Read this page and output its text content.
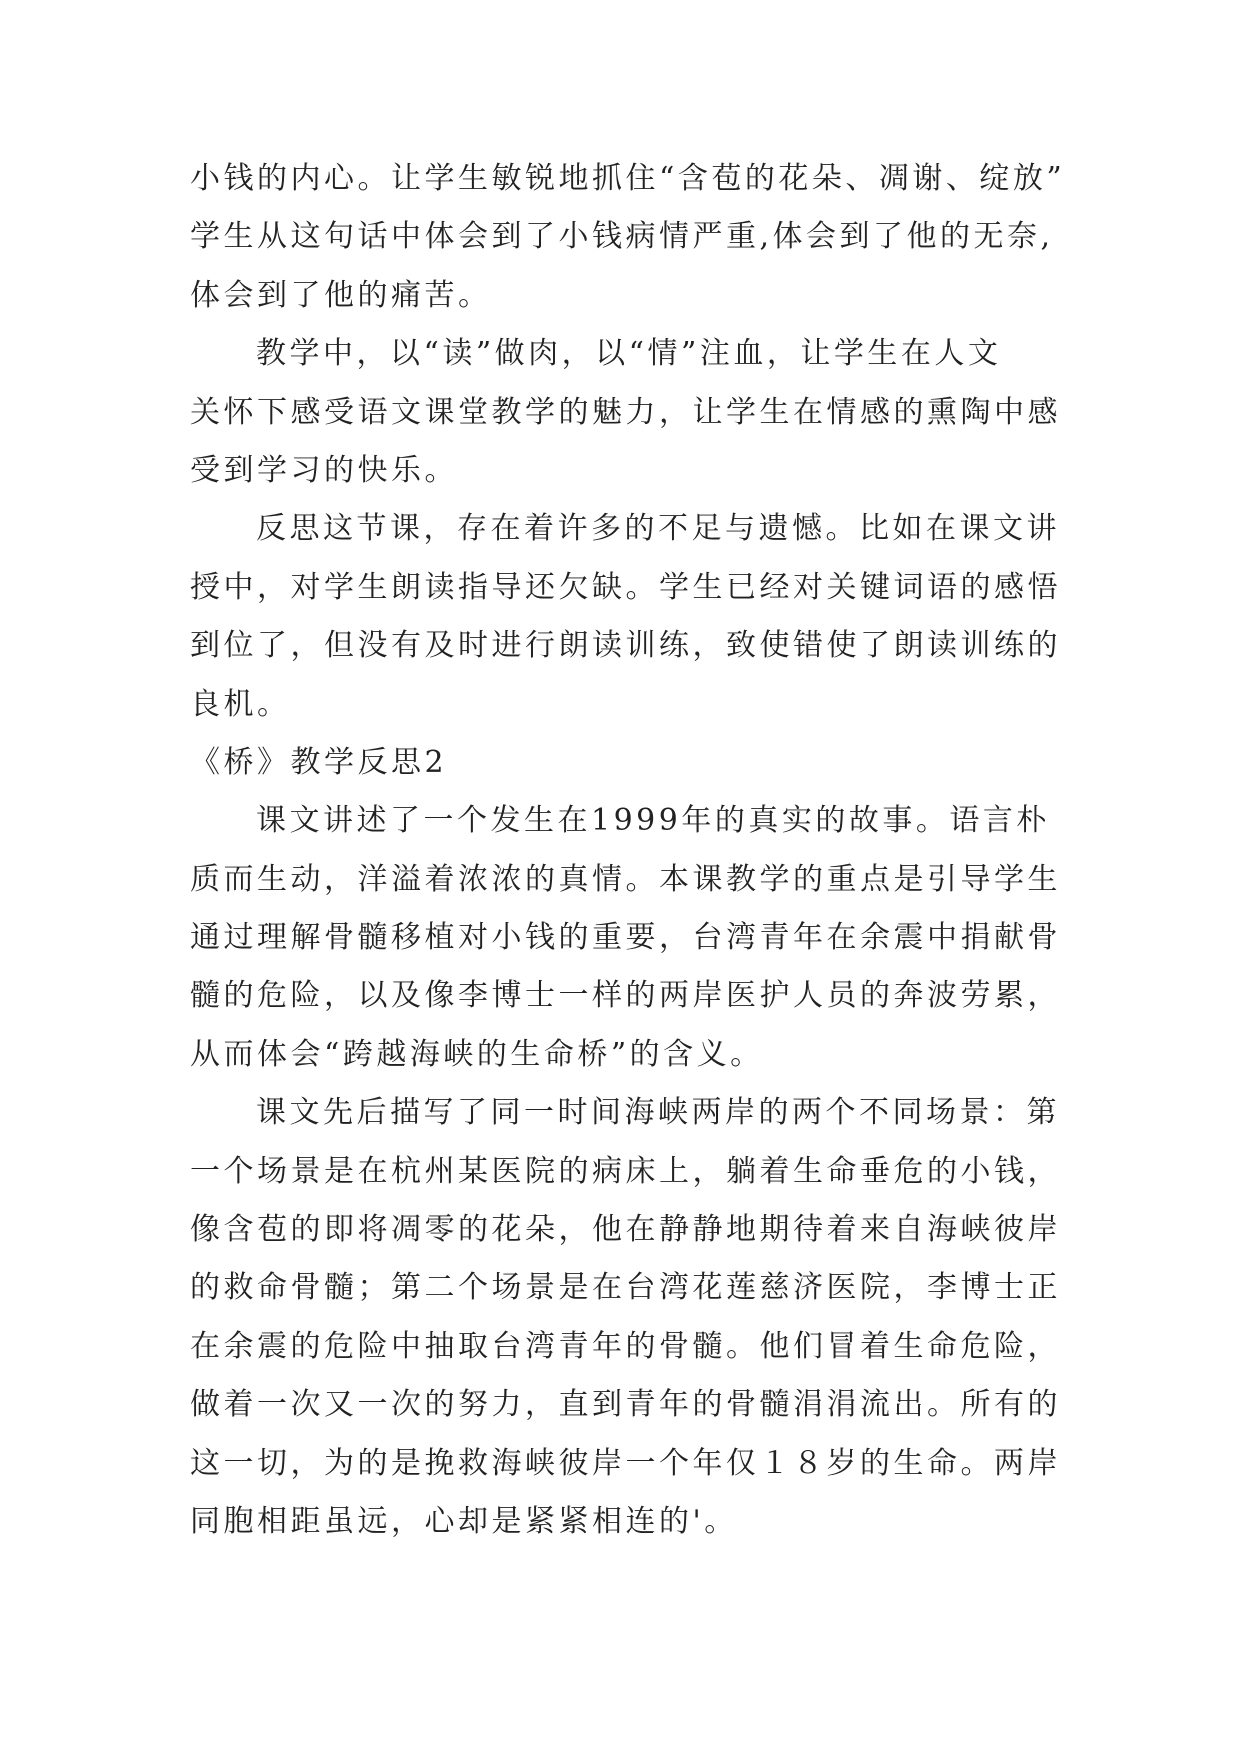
小钱的内心。让学生敏锐地抓住“含苞的花朵、凋谢、绽放”
学生从这句话中体会到了小钱病情严重,体会到了他的无奈,
体会到了他的痛苦。
教学中，以“读”做肉，以“情”注血，让学生在人文
关怀下感受语文课堂教学的魅力，让学生在情感的熏陶中感
受到学习的快乐。
反思这节课，存在着许多的不足与遗憾。比如在课文讲
授中，对学生朗读指导还欠缺。学生已经对关键词语的感悟
到位了，但没有及时进行朗读训练，致使错使了朗读训练的
良机。
《桥》教学反思2
课文讲述了一个发生在1999年的真实的故事。语言朴
质而生动，洋溢着浓浓的真情。本课教学的重点是引导学生
通过理解骨髓移植对小钱的重要，台湾青年在余震中捐献骨
髓的危险，以及像李博士一样的两岸医护人员的奔波劳累，
从而体会“跨越海峡的生命桥”的含义。
课文先后描写了同一时间海峡两岸的两个不同场景：第
一个场景是在杭州某医院的病床上，躺着生命垂危的小钱，
像含苞的即将凋零的花朵，他在静静地期待着来自海峡彼岸
的救命骨髓；第二个场景是在台湾花莲慈济医院，李博士正
在余震的危险中抽取台湾青年的骨髓。他们冒着生命危险，
做着一次又一次的努力，直到青年的骨髓涓涓流出。所有的
这一切，为的是挽救海峡彼岸一个年仅１８岁的生命。两岸
同胞相距虽远，心却是紧紧相连的'。
